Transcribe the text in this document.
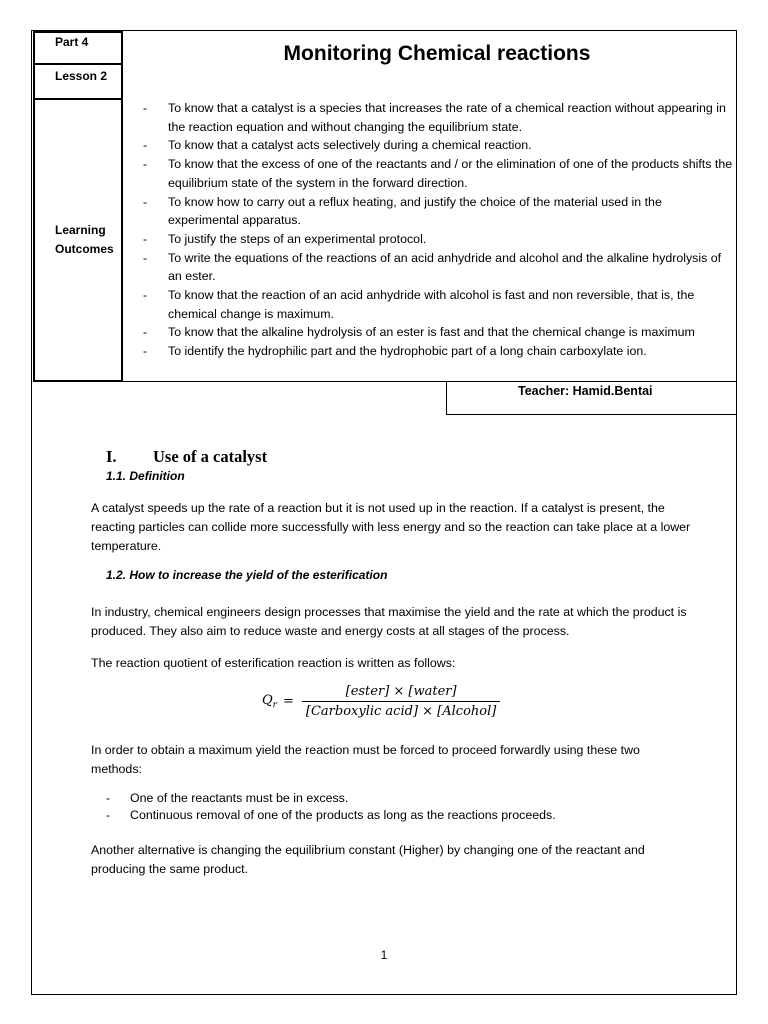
Part 4
Lesson 2
Learning Outcomes
Monitoring Chemical reactions
- To know that a catalyst is a species that increases the rate of a chemical reaction without appearing in the reaction equation and without changing the equilibrium state.
- To know that a catalyst acts selectively during a chemical reaction.
- To know that the excess of one of the reactants and / or the elimination of one of the products shifts the equilibrium state of the system in the forward direction.
- To know how to carry out a reflux heating, and justify the choice of the material used in the experimental apparatus.
- To justify the steps of an experimental protocol.
- To write the equations of the reactions of an acid anhydride and alcohol and the alkaline hydrolysis of an ester.
- To know that the reaction of an acid anhydride with alcohol is fast and non reversible, that is, the chemical change is maximum.
- To know that the alkaline hydrolysis of an ester is fast and that the chemical change is maximum
- To identify the hydrophilic part and the hydrophobic part of a long chain carboxylate ion.
Teacher: Hamid.Bentai
I. Use of a catalyst
1.1. Definition

A catalyst speeds up the rate of a reaction but it is not used up in the reaction. If a catalyst is present, the reacting particles can collide more successfully with less energy and so the reaction can take place at a lower temperature.

1.2. How to increase the yield of the esterification

In industry, chemical engineers design processes that maximise the yield and the rate at which the product is produced. They also aim to reduce waste and energy costs at all stages of the process.

The reaction quotient of esterification reaction is written as follows:

$Q_r = \frac{\text{[ester] × [water]}}{\text{[Carboxylic acid] × [Alcohol]}}$

In order to obtain a maximum yield the reaction must be forced to proceed forwardly using these two methods:

- One of the reactants must be in excess.
- Continuous removal of one of the products as long as the reactions proceeds.

Another alternative is changing the equilibrium constant (Higher) by changing one of the reactant and producing the same product.

1
